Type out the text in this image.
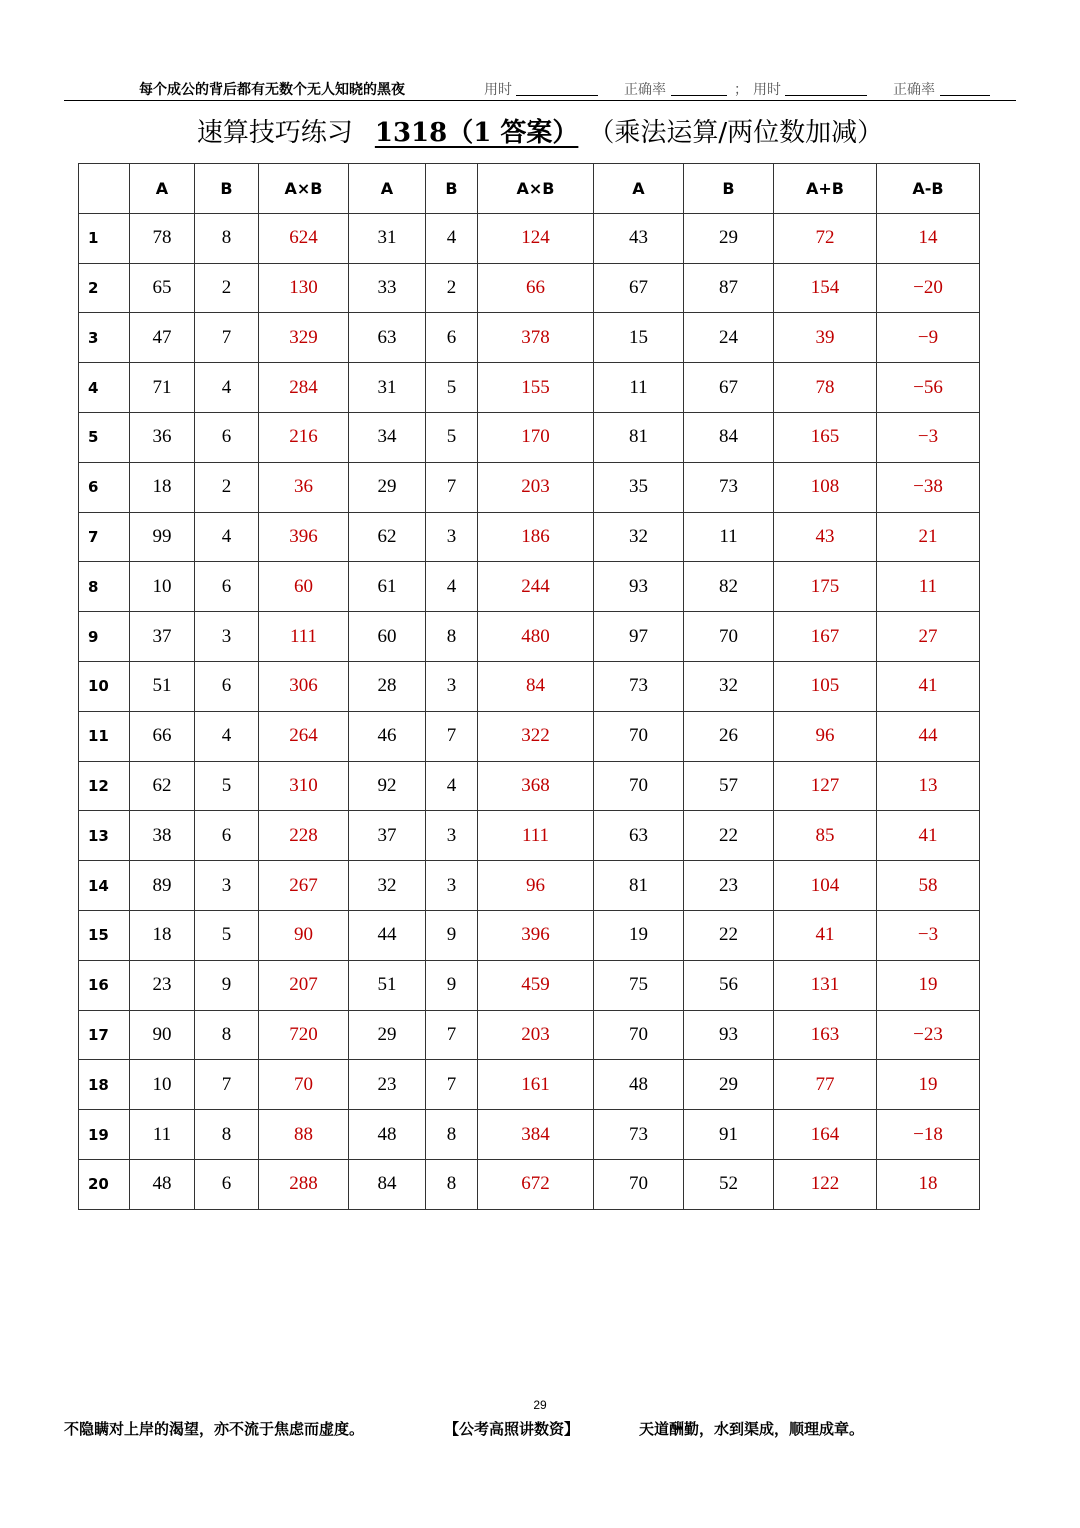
每个成公的背后都有无数个无人知晓的黑夜	用时	正确率	； 用时	正确率
速算技巧练习 1318（1 答案） （乘法运算/两位数加减）
	A	B	A×B	A	B	A×B	A	B	A+B	A-B
1	78	8	624	31	4	124	43	29	72	14
2	65	2	130	33	2	66	67	87	154	−20
3	47	7	329	63	6	378	15	24	39	−9
4	71	4	284	31	5	155	11	67	78	−56
5	36	6	216	34	5	170	81	84	165	−3
6	18	2	36	29	7	203	35	73	108	−38
7	99	4	396	62	3	186	32	11	43	21
8	10	6	60	61	4	244	93	82	175	11
9	37	3	111	60	8	480	97	70	167	27
10	51	6	306	28	3	84	73	32	105	41
11	66	4	264	46	7	322	70	26	96	44
12	62	5	310	92	4	368	70	57	127	13
13	38	6	228	37	3	111	63	22	85	41
14	89	3	267	32	3	96	81	23	104	58
15	18	5	90	44	9	396	19	22	41	−3
16	23	9	207	51	9	459	75	56	131	19
17	90	8	720	29	7	203	70	93	163	−23
18	10	7	70	23	7	161	48	29	77	19
19	11	8	88	48	8	384	73	91	164	−18
20	48	6	288	84	8	672	70	52	122	18
29
不隐瞒对上岸的渴望，亦不流于焦虑而虚度。	【公考高照讲数资】	天道酬勤，水到渠成，顺理成章。
